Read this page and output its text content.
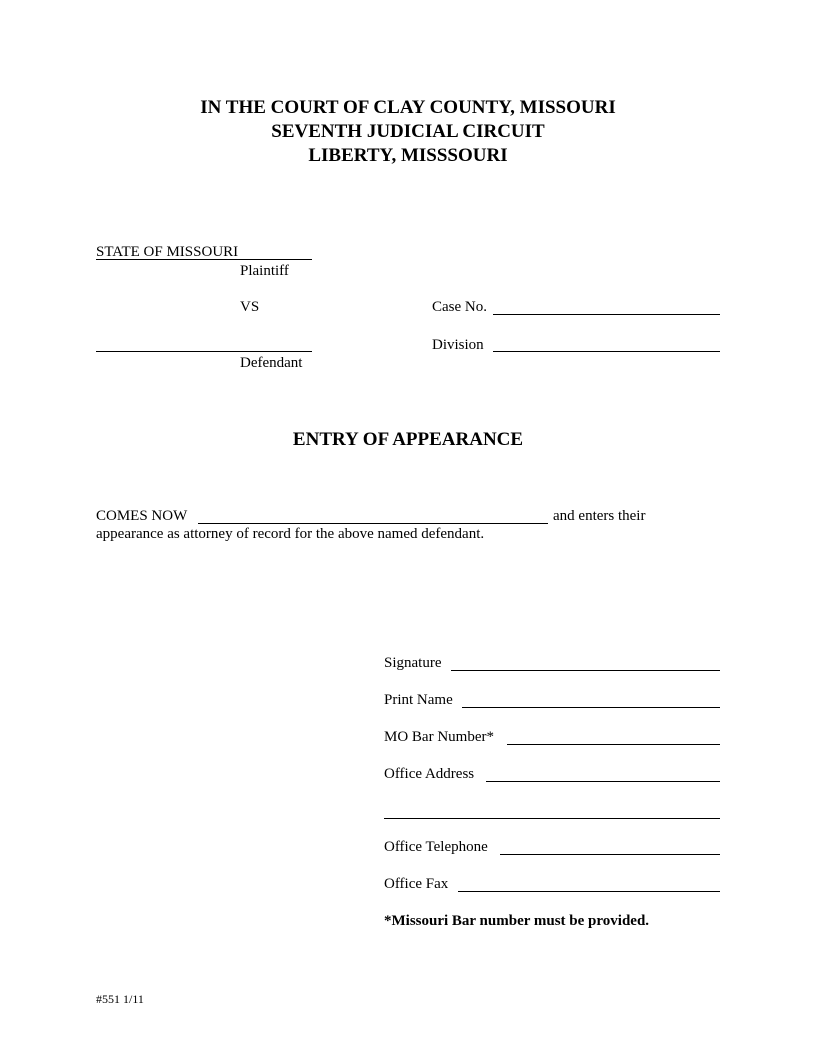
IN THE COURT OF CLAY COUNTY, MISSOURI
SEVENTH JUDICIAL CIRCUIT
LIBERTY, MISSSOURI
STATE OF MISSOURI
Plaintiff
VS
Defendant
Case No.
Division
ENTRY OF APPEARANCE
COMES NOW	and enters their
appearance as attorney of record for the above named defendant.
Signature
Print Name
MO Bar Number*
Office Address
Office Telephone
Office Fax
*Missouri Bar number must be provided.
#551 1/11
